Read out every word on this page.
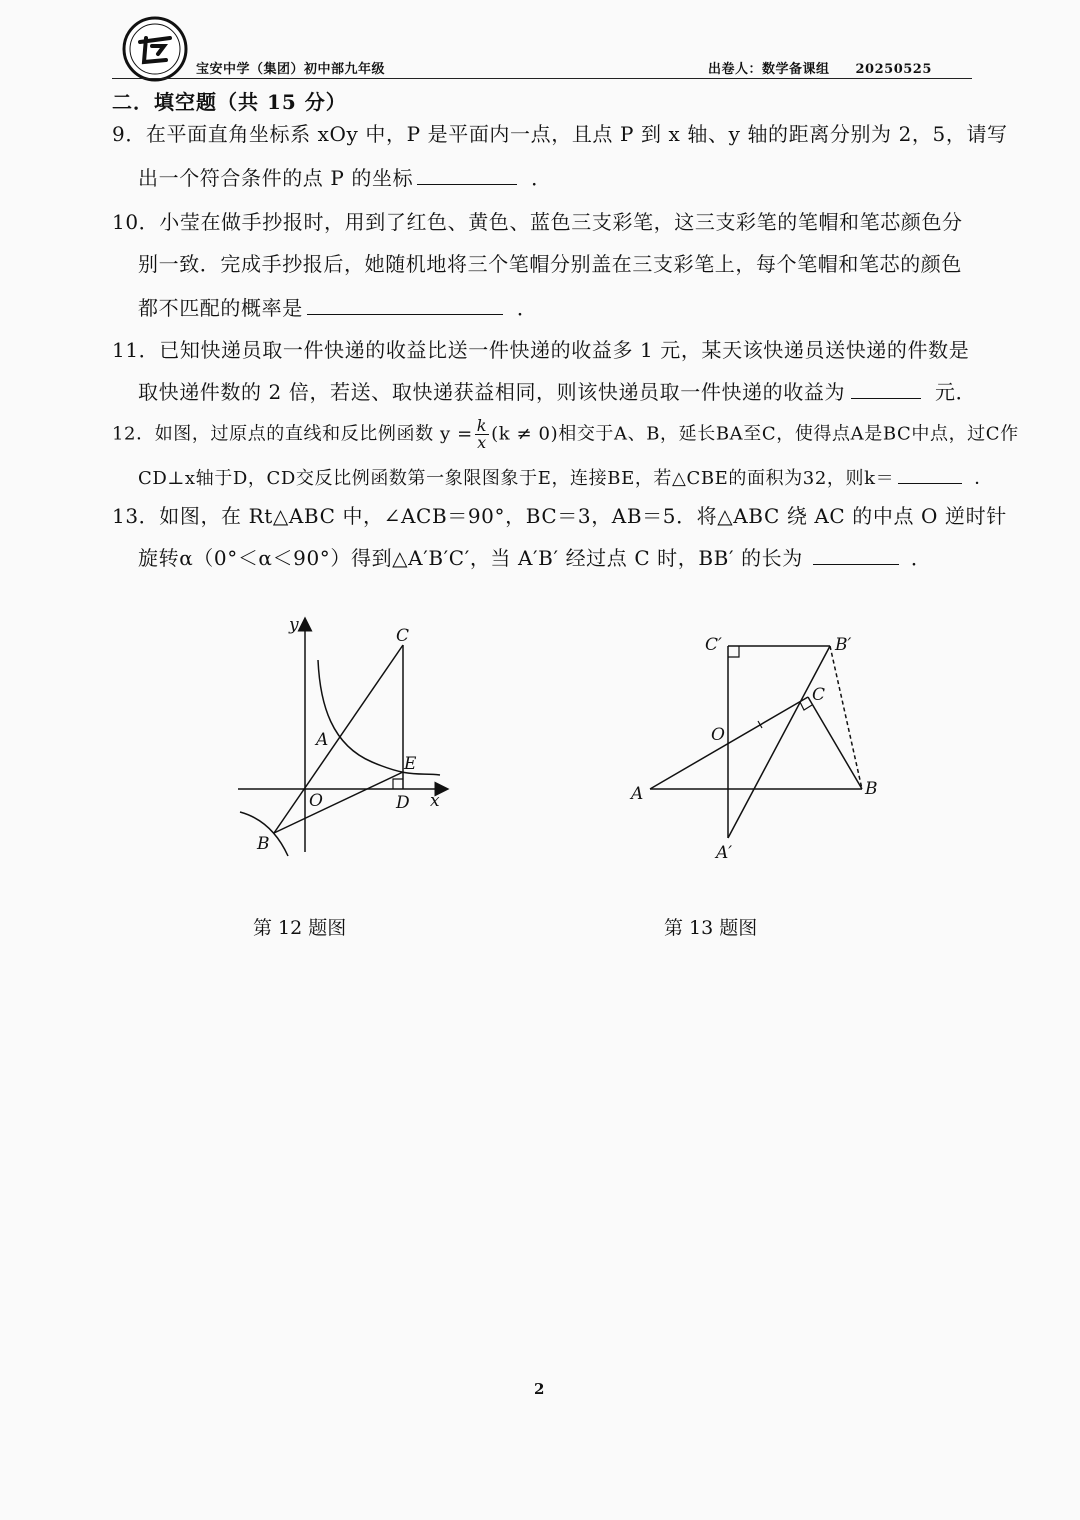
宝安中学（集团）初中部九年级	出卷人：数学备课组 20250525
二．填空题（共 15 分）
9．在平面直角坐标系 xOy 中，P 是平面内一点，且点 P 到 x 轴、y 轴的距离分别为 2，5，请写
出一个符合条件的点 P 的坐标	．
10．小莹在做手抄报时，用到了红色、黄色、蓝色三支彩笔，这三支彩笔的笔帽和笔芯颜色分
别一致．完成手抄报后，她随机地将三个笔帽分别盖在三支彩笔上，每个笔帽和笔芯的颜色
都不匹配的概率是	．
11．已知快递员取一件快递的收益比送一件快递的收益多 1 元，某天该快递员送快递的件数是
取快递件数的 2 倍，若送、取快递获益相同，则该快递员取一件快递的收益为	元．
12．如图，过原点的直线和反比例函数 $y = \frac{k}{x} (k \ne 0)$相交于A、B，延长BA至C，使得点A是BC中点，过C作
CD⊥x轴于D，CD交反比例函数第一象限图象于E，连接BE，若△CBE的面积为32，则k＝	．
13．如图，在 Rt△ABC 中，∠ACB＝90°，BC＝3，AB＝5．将△ABC 绕 AC 的中点 O 逆时针
旋转α（0°＜α＜90°）得到△A′B′C′，当 A′B′ 经过点 C 时，BB′ 的长为	．
y
x
O
A
B
C
D
E
C′	B′
C
O
A	B
A′
第 12 题图	第 13 题图
2
